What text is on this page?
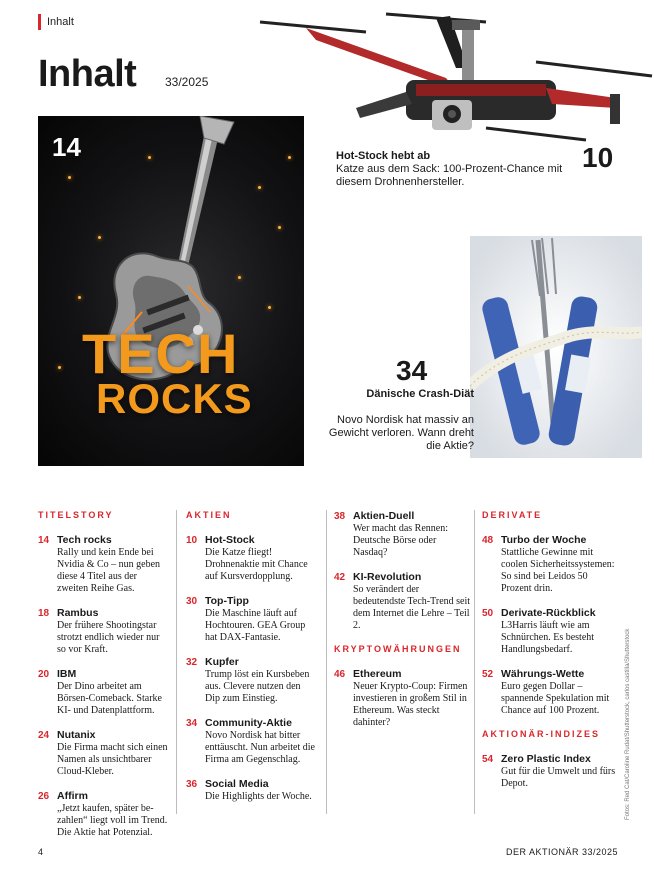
Inhalt
Inhalt 33/2025
14
TECH
ROCKS
Hot-Stock hebt ab
Katze aus dem Sack: 100-Prozent-Chance mit diesem Drohnenhersteller.
10
34
Dänische Crash-Diät
Novo Nordisk hat massiv an Gewicht verloren. Wann dreht die Aktie?
TITELSTORY
14 Tech rocks
Rally und kein Ende bei Nvidia & Co – nun geben diese 4 Titel aus der zweiten Reihe Gas.
18 Rambus
Der frühere Shootingstar strotzt endlich wieder nur so vor Kraft.
20 IBM
Der Dino arbeitet am Börsen-Comeback. Starke KI- und Datenplattform.
24 Nutanix
Die Firma macht sich einen Namen als unsichtbarer Cloud-Kleber.
26 Affirm
„Jetzt kaufen, später bezahlen“ liegt voll im Trend. Die Aktie hat Potenzial.
AKTIEN
10 Hot-Stock
Die Katze fliegt! Drohnenaktie mit Chance auf Kursverdopplung.
30 Top-Tipp
Die Maschine läuft auf Hochtouren. GEA Group hat DAX-Fantasie.
32 Kupfer
Trump löst ein Kursbeben aus. Clevere nutzen den Dip zum Einstieg.
34 Community-Aktie
Novo Nordisk hat bitter enttäuscht. Nun arbeitet die Firma am Gegenschlag.
36 Social Media
Die Highlights der Woche.
38 Aktien-Duell
Wer macht das Rennen: Deutsche Börse oder Nasdaq?
42 KI-Revolution
So verändert der bedeutendste Tech-Trend seit dem Internet die Lehre – Teil 2.
KRYPTOWÄHRUNGEN
46 Ethereum
Neuer Krypto-Coup: Firmen investieren in großem Stil in Ethereum. Was steckt dahinter?
DERIVATE
48 Turbo der Woche
Stattliche Gewinne mit coolen Sicherheitssystemen: So sind bei Leidos 50 Prozent drin.
50 Derivate-Rückblick
L3Harris läuft wie am Schnürchen. Es besteht Handlungsbedarf.
52 Währungs-Wette
Euro gegen Dollar – spannende Spekulation mit Chance auf 100 Prozent.
AKTIONÄR-INDIZES
54 Zero Plastic Index
Gut für die Umwelt und fürs Depot.	Fotos: Red Cat/Caroline Rudat/Shutterstock, carlos castilla/Shutterstock
4	DER AKTIONÄR 33/2025
